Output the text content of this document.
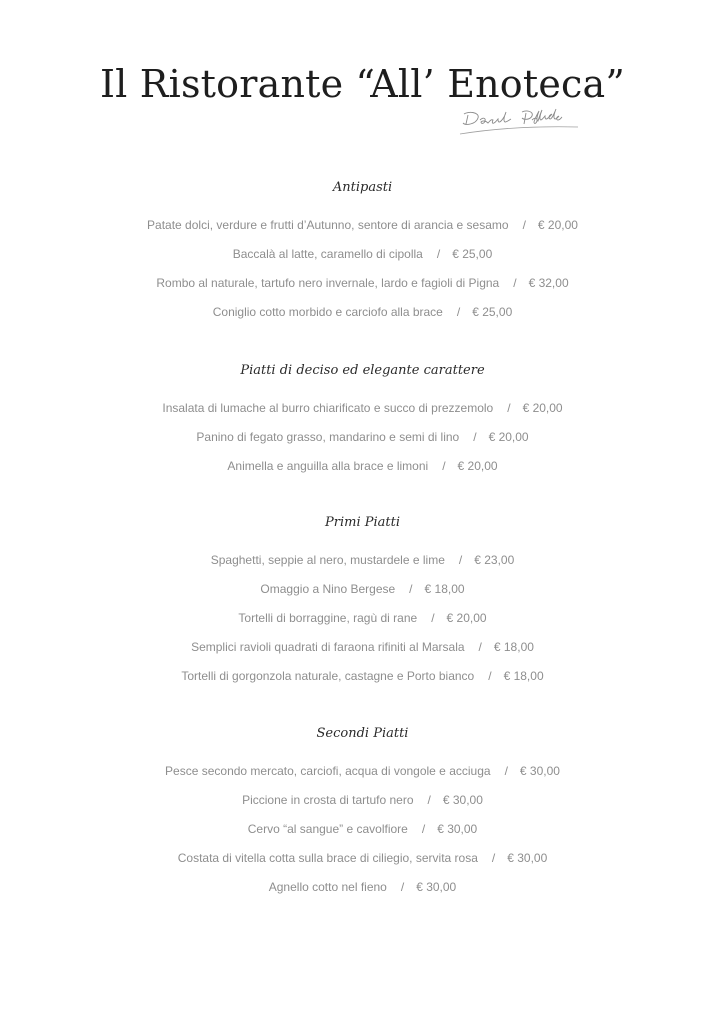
Il Ristorante “All’ Enoteca”
Antipasti
Patate dolci, verdure e frutti d’Autunno, sentore di arancia e sesamo / € 20,00
Baccalà al latte, caramello di cipolla / € 25,00
Rombo al naturale, tartufo nero invernale, lardo e fagioli di Pigna / € 32,00
Coniglio cotto morbido e carciofo alla brace / € 25,00
Piatti di deciso ed elegante carattere
Insalata di lumache al burro chiarificato e succo di prezzemolo / € 20,00
Panino di fegato grasso, mandarino e semi di lino / € 20,00
Animella e anguilla alla brace e limoni / € 20,00
Primi Piatti
Spaghetti, seppie al nero, mustardele e lime / € 23,00
Omaggio a Nino Bergese / € 18,00
Tortelli di borraggine, ragù di rane / € 20,00
Semplici ravioli quadrati di faraona rifiniti al Marsala / € 18,00
Tortelli di gorgonzola naturale, castagne e Porto bianco / € 18,00
Secondi Piatti
Pesce secondo mercato, carciofi, acqua di vongole e acciuga / € 30,00
Piccione in crosta di tartufo nero / € 30,00
Cervo “al sangue” e cavolfiore / € 30,00
Costata di vitella cotta sulla brace di ciliegio, servita rosa / € 30,00
Agnello cotto nel fieno / € 30,00
